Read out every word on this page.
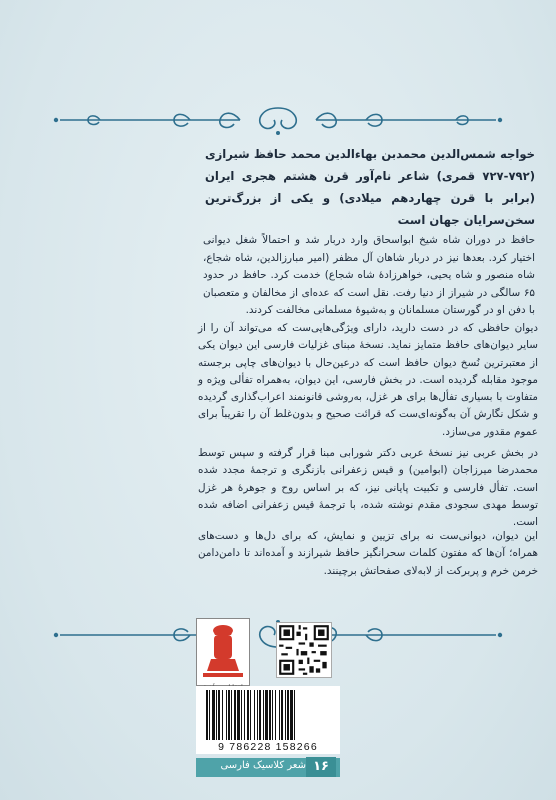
خواجه شمس‌الدین محمدبن بهاءالدین محمد حافظ شیرازی (۷۹۲-۷۲۷ قمری) شاعر نام‌آور قرن هشتم هجری ایران (برابر با قرن چهاردهم میلادی) و یکی از بزرگ‌ترین سخن‌سرایان جهان است

حافظ در دوران شاه شیخ ابواسحاق وارد دربار شد و احتمالاً شغل دیوانی اختیار کرد. بعدها نیز در دربار شاهان آل مظفر (امیر مبارزالدین، شاه شجاع، شاه منصور و شاه یحیی، خواهرزادهٔ شاه شجاع) خدمت کرد. حافظ در حدود ۶۵ سالگی در شیراز از دنیا رفت. نقل است که عده‌ای از مخالفان و متعصبان با دفن او در گورستان مسلمانان و به‌شیوهٔ مسلمانی مخالفت کردند.

دیوان حافظی که در دست دارید، دارای ویژگی‌هایی‌ست که می‌تواند آن را از سایر دیوان‌های حافظ متمایز نماید. نسخهٔ مبنای غزلیات فارسی این دیوان یکی از معتبرترین نُسخ دیوان حافظ است که درعین‌حال با دیوان‌های چاپی برجسته موجود مقابله گردیده است. در بخش فارسی، این دیوان، به‌همراه تفألی ویژه و متفاوت با بسیاری تفأل‌ها برای هر غزل، به‌روشی قانونمند اعراب‌گذاری گردیده و شکل نگارش آن به‌گونه‌ای‌ست که قرائت صحیح و بدون‌غلط آن را تقریباً برای عموم مقدور می‌سازد.

در بخش عربی نیز نسخهٔ عربی دکتر شورابی مبنا قرار گرفته و سپس توسط محمدرضا میرزاجان (ابوامین) و قیس زعفرانی بازنگری و ترجمهٔ مجدد شده است. تفأل فارسی و تکبیت پایانی نیز، که بر اساس روح و جوهرهٔ هر غزل توسط مهدی سجودی مقدم نوشته شده، با ترجمهٔ قیس زعفرانی اضافه شده است.

این دیوان، دیوانی‌ست نه برای تزیین و نمایش، که برای دل‌ها و دست‌های همراه؛ آن‌ها که مفتون کلمات سحرانگیز حافظ شیرازند و آمده‌اند تا دامن‌دامن خرمن خرم و پربرکت از لابه‌لای صفحاتش برچینند.

9 786228 158266
شعر کلاسیک فارسی ۱۶
